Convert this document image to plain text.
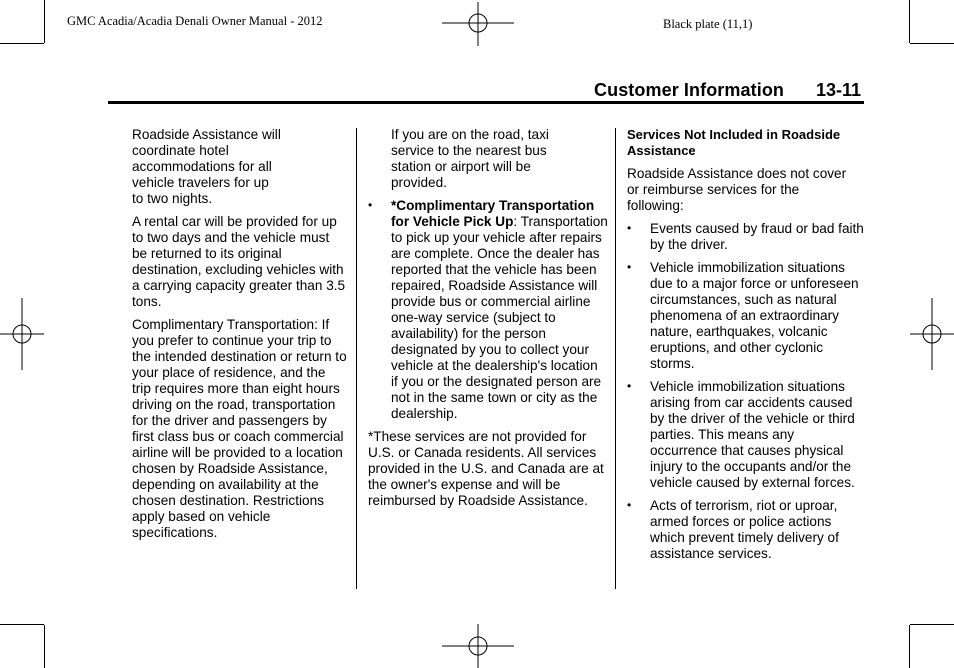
GMC Acadia/Acadia Denali Owner Manual - 2012	Black plate (11,1)
Customer Information 13-11

Roadside Assistance will coordinate hotel accommodations for all vehicle travelers for up to two nights.

A rental car will be provided for up to two days and the vehicle must be returned to its original destination, excluding vehicles with a carrying capacity greater than 3.5 tons.

Complimentary Transportation: If you prefer to continue your trip to the intended destination or return to your place of residence, and the trip requires more than eight hours driving on the road, transportation for the driver and passengers by first class bus or coach commercial airline will be provided to a location chosen by Roadside Assistance, depending on availability at the chosen destination. Restrictions apply based on vehicle specifications.

If you are on the road, taxi service to the nearest bus station or airport will be provided.

• *Complimentary Transportation for Vehicle Pick Up: Transportation to pick up your vehicle after repairs are complete. Once the dealer has reported that the vehicle has been repaired, Roadside Assistance will provide bus or commercial airline one-way service (subject to availability) for the person designated by you to collect your vehicle at the dealership's location if you or the designated person are not in the same town or city as the dealership.

*These services are not provided for U.S. or Canada residents. All services provided in the U.S. and Canada are at the owner's expense and will be reimbursed by Roadside Assistance.

Services Not Included in Roadside Assistance

Roadside Assistance does not cover or reimburse services for the following:

• Events caused by fraud or bad faith by the driver.
• Vehicle immobilization situations due to a major force or unforeseen circumstances, such as natural phenomena of an extraordinary nature, earthquakes, volcanic eruptions, and other cyclonic storms.
• Vehicle immobilization situations arising from car accidents caused by the driver of the vehicle or third parties. This means any occurrence that causes physical injury to the occupants and/or the vehicle caused by external forces.
• Acts of terrorism, riot or uproar, armed forces or police actions which prevent timely delivery of assistance services.
